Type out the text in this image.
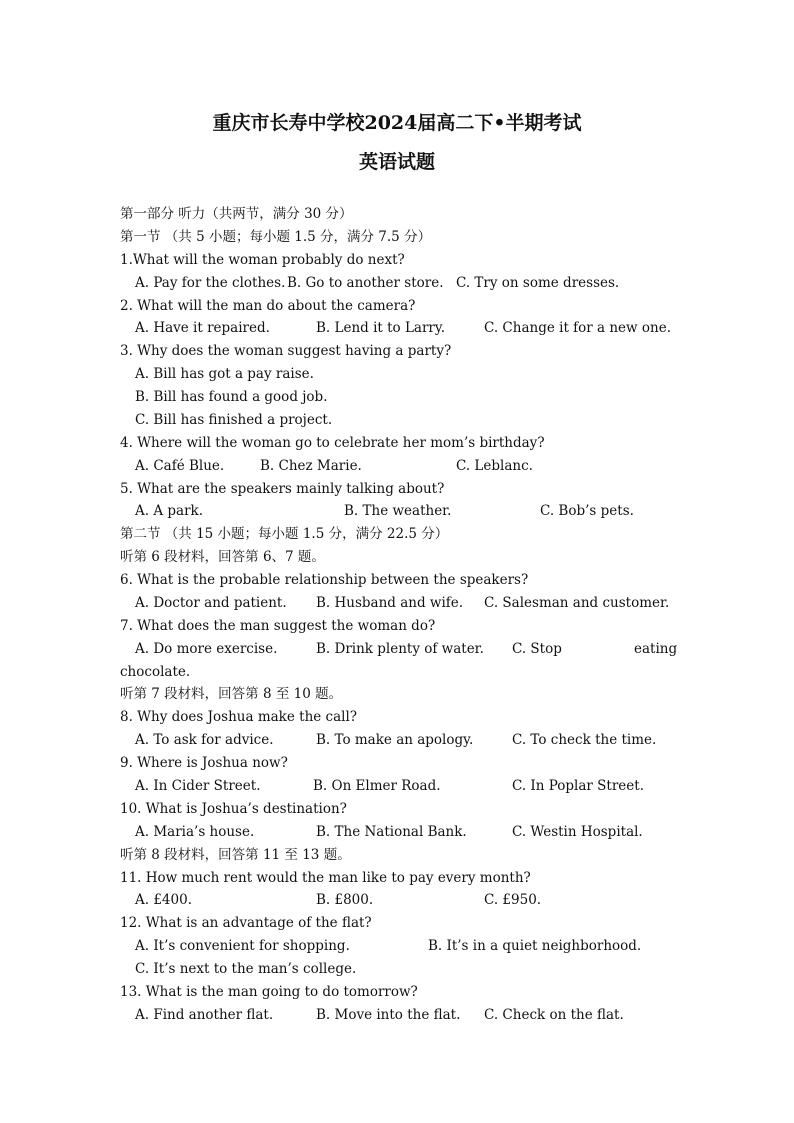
重庆市长寿中学校2024届高二下•半期考试
英语试题
第一部分 听力（共两节，满分 30 分）
第一节 （共 5 小题；每小题 1.5 分，满分 7.5 分）
1.What will the woman probably do next?
A. Pay for the clothes. B. Go to another store. C. Try on some dresses.
2. What will the man do about the camera?
A. Have it repaired.	B. Lend it to Larry.	C. Change it for a new one.
3. Why does the woman suggest having a party?
A. Bill has got a pay raise.
B. Bill has found a good job.
C. Bill has finished a project.
4. Where will the woman go to celebrate her mom’s birthday?
A. Café Blue.	B. Chez Marie.	C. Leblanc.
5. What are the speakers mainly talking about?
A. A park.	B. The weather.	C. Bob’s pets.
第二节 （共 15 小题；每小题 1.5 分，满分 22.5 分）
听第 6 段材料，回答第 6、7 题。
6. What is the probable relationship between the speakers?
A. Doctor and patient. B. Husband and wife. C. Salesman and customer.
7. What does the man suggest the woman do?
A. Do more exercise.	B. Drink plenty of water. C. Stop	eating
chocolate.
听第 7 段材料，回答第 8 至 10 题。
8. Why does Joshua make the call?
A. To ask for advice.	B. To make an apology.	C. To check the time.
9. Where is Joshua now?
A. In Cider Street.	B. On Elmer Road.	C. In Poplar Street.
10. What is Joshua’s destination?
A. Maria’s house.	B. The National Bank.	C. Westin Hospital.
听第 8 段材料，回答第 11 至 13 题。
11. How much rent would the man like to pay every month?
A. £400.	B. £800.	C. £950.
12. What is an advantage of the flat?
A. It’s convenient for shopping.	B. It’s in a quiet neighborhood.
C. It’s next to the man’s college.
13. What is the man going to do tomorrow?
A. Find another flat.	B. Move into the flat. C. Check on the flat.
